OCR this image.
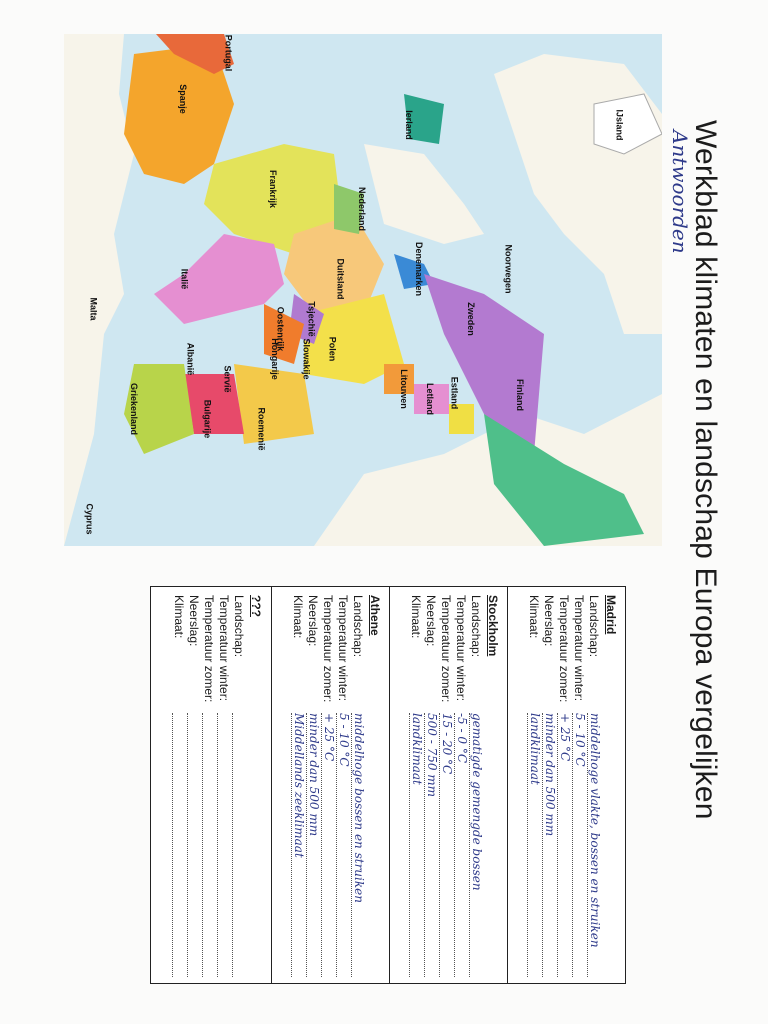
Werkblad klimaten en landschap Europa vergelijken
Antwoorden
Portugal
Spanje
Frankrijk
Italië	Duitsland
Nederland
Denemarken	Noorwegen
Zweden
Finland
Estland
Letland
Litouwen
Polen
Tsjechië
Oostenrijk
Hongarije Slowakije
Roemenië
Bulgarije
Griekenland
Albanië
Servië
Malta
Cyprus
IJsland
Ierland
Madrid
Landschap:
middelhoge vlakte, bossen en struiken
Temperatuur winter:
5 - 10 °C
Temperatuur zomer:
+ 25 °C
Neerslag:
minder dan 500 mm
Klimaat:
landklimaat
Stockholm
Landschap:
gematigde gemengde bossen
Temperatuur winter:
-5 - 0 °C
Temperatuur zomer:
15 - 20 °C
Neerslag:
500 - 750 mm
Klimaat:
landklimaat
Athene
Landschap:
middelhoge bossen en struiken
Temperatuur winter:
5 - 10 °C
Temperatuur zomer:
+ 25 °C
Neerslag:
minder dan 500 mm
Klimaat:
Middellands zeeklimaat
???
Landschap:
Temperatuur winter:
Temperatuur zomer:
Neerslag:
Klimaat:
